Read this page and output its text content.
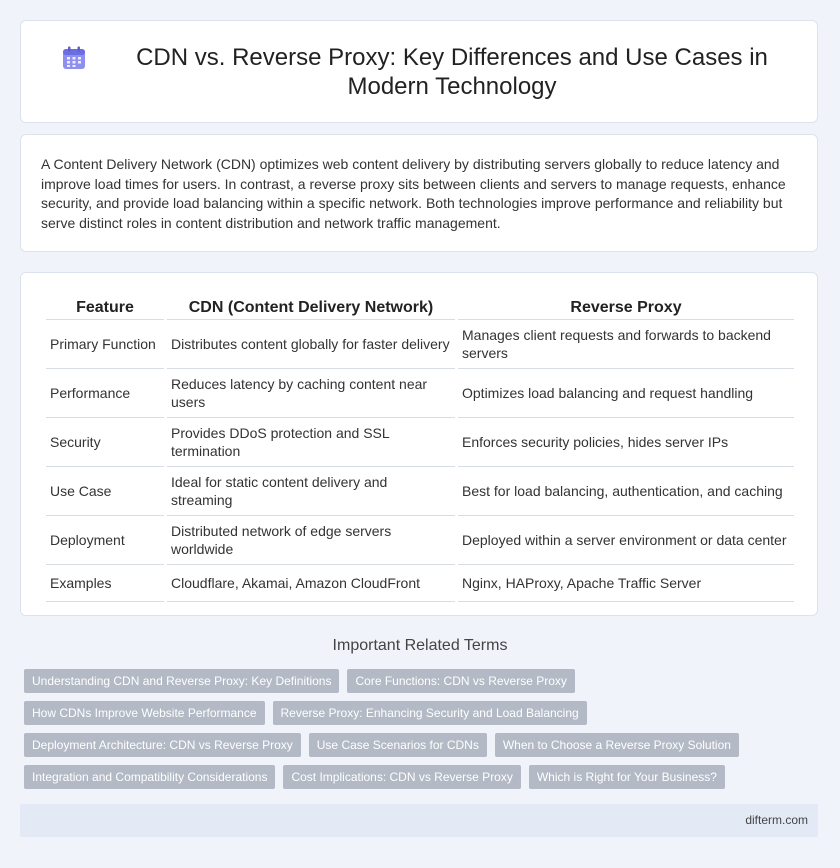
CDN vs. Reverse Proxy: Key Differences and Use Cases in Modern Technology

A Content Delivery Network (CDN) optimizes web content delivery by distributing servers globally to reduce latency and improve load times for users. In contrast, a reverse proxy sits between clients and servers to manage requests, enhance security, and provide load balancing within a specific network. Both technologies improve performance and reliability but serve distinct roles in content distribution and network traffic management.

Feature	CDN (Content Delivery Network)	Reverse Proxy
Primary Function	Distributes content globally for faster delivery	Manages client requests and forwards to backend servers
Performance	Reduces latency by caching content near users	Optimizes load balancing and request handling
Security	Provides DDoS protection and SSL termination	Enforces security policies, hides server IPs
Use Case	Ideal for static content delivery and streaming	Best for load balancing, authentication, and caching
Deployment	Distributed network of edge servers worldwide	Deployed within a server environment or data center
Examples	Cloudflare, Akamai, Amazon CloudFront	Nginx, HAProxy, Apache Traffic Server
Important Related Terms
Understanding CDN and Reverse Proxy: Key Definitions	Core Functions: CDN vs Reverse Proxy
How CDNs Improve Website Performance	Reverse Proxy: Enhancing Security and Load Balancing
Deployment Architecture: CDN vs Reverse Proxy	Use Case Scenarios for CDNs	When to Choose a Reverse Proxy Solution
Integration and Compatibility Considerations	Cost Implications: CDN vs Reverse Proxy	Which is Right for Your Business?
difterm.com
